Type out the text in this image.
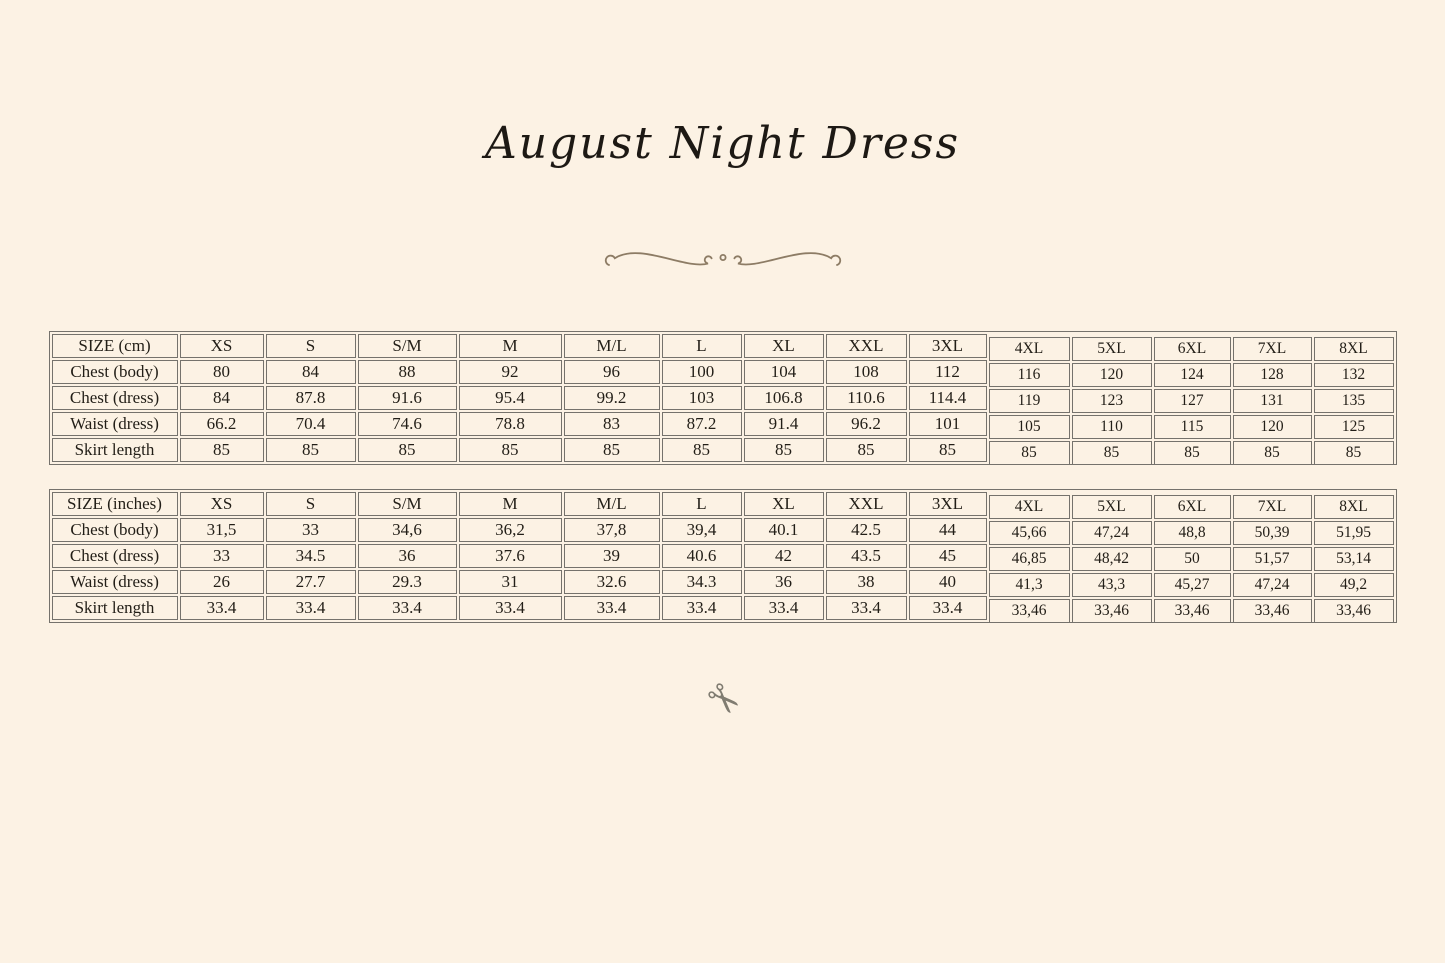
August Night Dress
SIZE (cm)	XS	S	S/M	M	M/L	L	XL	XXL	3XL	4XL	5XL	6XL	7XL	8XL
Chest (body)	80	84	88	92	96	100	104	108	112	116	120	124	128	132
Chest (dress)	84	87.8	91.6	95.4	99.2	103	106.8	110.6	114.4	119	123	127	131	135
Waist (dress)	66.2	70.4	74.6	78.8	83	87.2	91.4	96.2	101	105	110	115	120	125
Skirt length	85	85	85	85	85	85	85	85	85	85	85	85	85	85
SIZE (inches)	XS	S	S/M	M	M/L	L	XL	XXL	3XL	4XL	5XL	6XL	7XL	8XL
Chest (body)	31,5	33	34,6	36,2	37,8	39,4	40.1	42.5	44	45,66	47,24	48,8	50,39	51,95
Chest (dress)	33	34.5	36	37.6	39	40.6	42	43.5	45	46,85	48,42	50	51,57	53,14
Waist (dress)	26	27.7	29.3	31	32.6	34.3	36	38	40	41,3	43,3	45,27	47,24	49,2
Skirt length	33.4	33.4	33.4	33.4	33.4	33.4	33.4	33.4	33.4	33,46	33,46	33,46	33,46	33,46
✂
